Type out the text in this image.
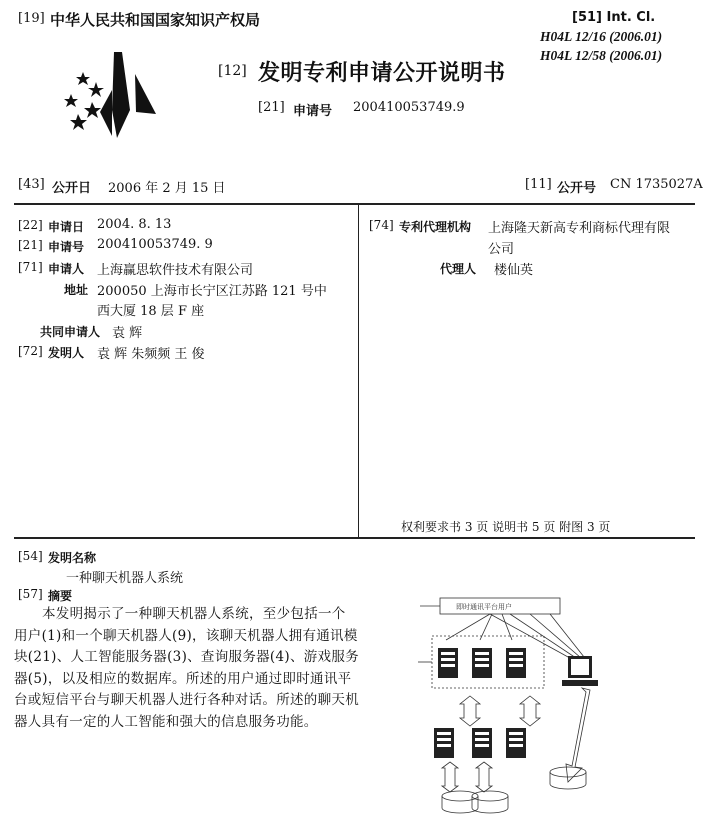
[19] 中华人民共和国国家知识产权局	[51] Int. Cl.
H04L 12/16 (2006.01)
H04L 12/58 (2006.01)
[12] 发明专利申请公开说明书
[21] 申请号 200410053749.9
[43] 公开日 2006 年 2 月 15 日	[11] 公开号 CN 1735027A
[22] 申请日 2004. 8. 13
[21] 申请号 200410053749. 9
[71] 申请人 上海赢思软件技术有限公司
地址 200050 上海市长宁区江苏路 121 号中
西大厦 18 层 F 座
共同申请人 袁 辉
[72] 发明人 袁 辉 朱频频 王 俊
[74] 专利代理机构 上海隆天新高专利商标代理有限
公司
代理人 楼仙英
权利要求书 3 页 说明书 5 页 附图 3 页
[54] 发明名称
一种聊天机器人系统
[57] 摘要
本发明揭示了一种聊天机器人系统，至少包括一个用户(1)和一个聊天机器人(9)，该聊天机器人拥有通讯模块(21)、人工智能服务器(3)、查询服务器(4)、游戏服务器(5)，以及相应的数据库。所述的用户通过即时通讯平台或短信平台与聊天机器人进行各种对话。所述的聊天机器人具有一定的人工智能和强大的信息服务功能。
即时通讯平台用户
